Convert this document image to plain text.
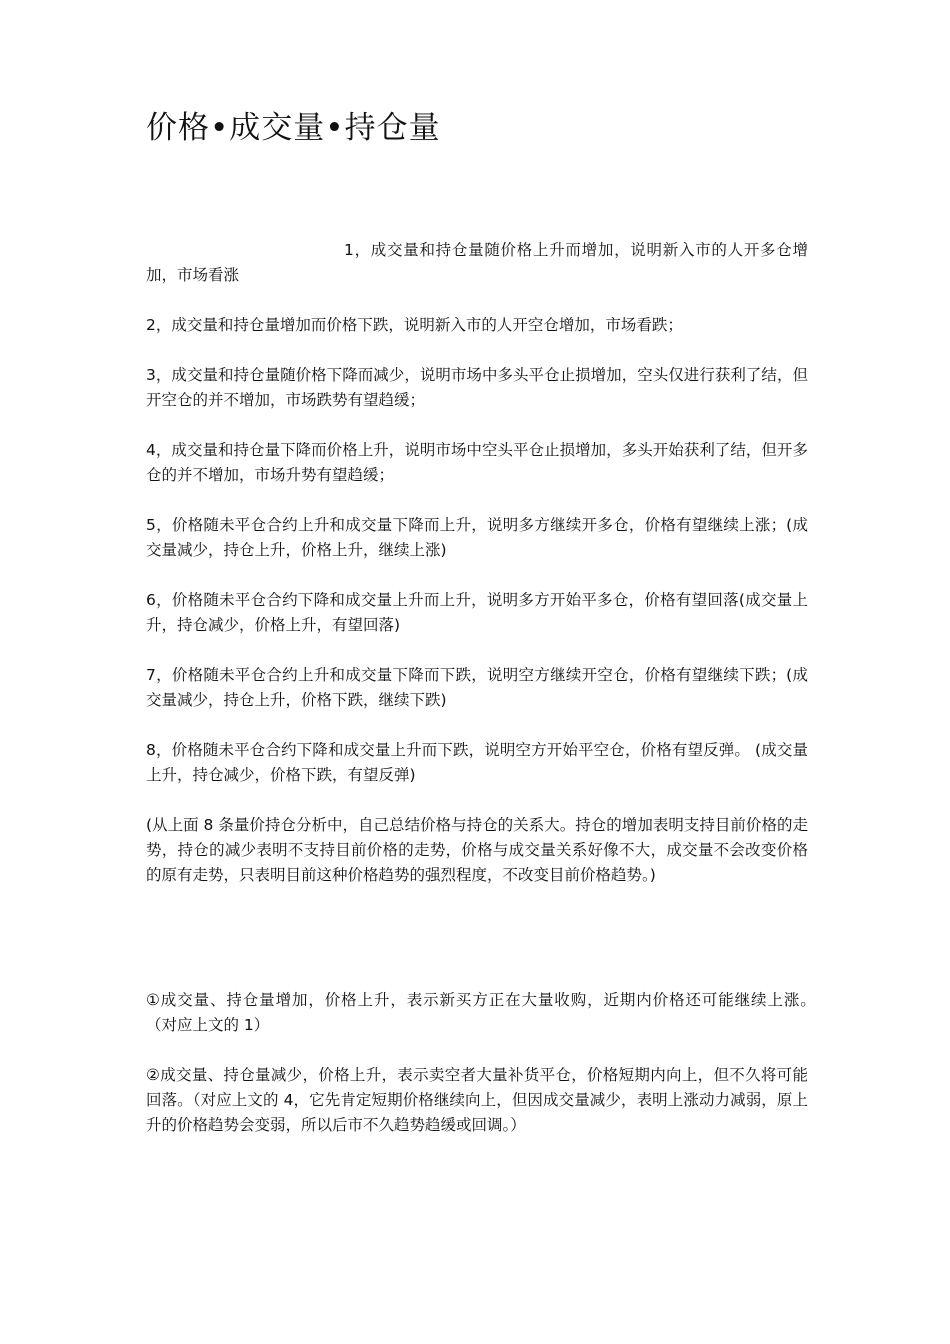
价格•成交量•持仓量

1，成交量和持仓量随价格上升而增加，说明新入市的人开多仓增加，市场看涨

2，成交量和持仓量增加而价格下跌，说明新入市的人开空仓增加，市场看跌；

3，成交量和持仓量随价格下降而减少，说明市场中多头平仓止损增加，空头仅进行获利了结，但开空仓的并不增加，市场跌势有望趋缓；

4，成交量和持仓量下降而价格上升，说明市场中空头平仓止损增加，多头开始获利了结，但开多仓的并不增加，市场升势有望趋缓；

5，价格随未平仓合约上升和成交量下降而上升，说明多方继续开多仓，价格有望继续上涨；(成交量减少，持仓上升，价格上升，继续上涨)

6，价格随未平仓合约下降和成交量上升而上升，说明多方开始平多仓，价格有望回落(成交量上升，持仓减少，价格上升，有望回落)

7，价格随未平仓合约上升和成交量下降而下跌，说明空方继续开空仓，价格有望继续下跌；(成交量减少，持仓上升，价格下跌，继续下跌)

8，价格随未平仓合约下降和成交量上升而下跌，说明空方开始平空仓，价格有望反弹。 (成交量上升，持仓减少，价格下跌，有望反弹)

(从上面 8 条量价持仓分析中，自己总结价格与持仓的关系大。持仓的增加表明支持目前价格的走势，持仓的减少表明不支持目前价格的走势，价格与成交量关系好像不大，成交量不会改变价格的原有走势，只表明目前这种价格趋势的强烈程度，不改变目前价格趋势。)

①成交量、持仓量增加，价格上升，表示新买方正在大量收购，近期内价格还可能继续上涨。　　　　（对应上文的 1）

②成交量、持仓量减少，价格上升，表示卖空者大量补货平仓，价格短期内向上，但不久将可能回落。（对应上文的 4，它先肯定短期价格继续向上，但因成交量减少，表明上涨动力减弱，原上升的价格趋势会变弱，所以后市不久趋势趋缓或回调。）
